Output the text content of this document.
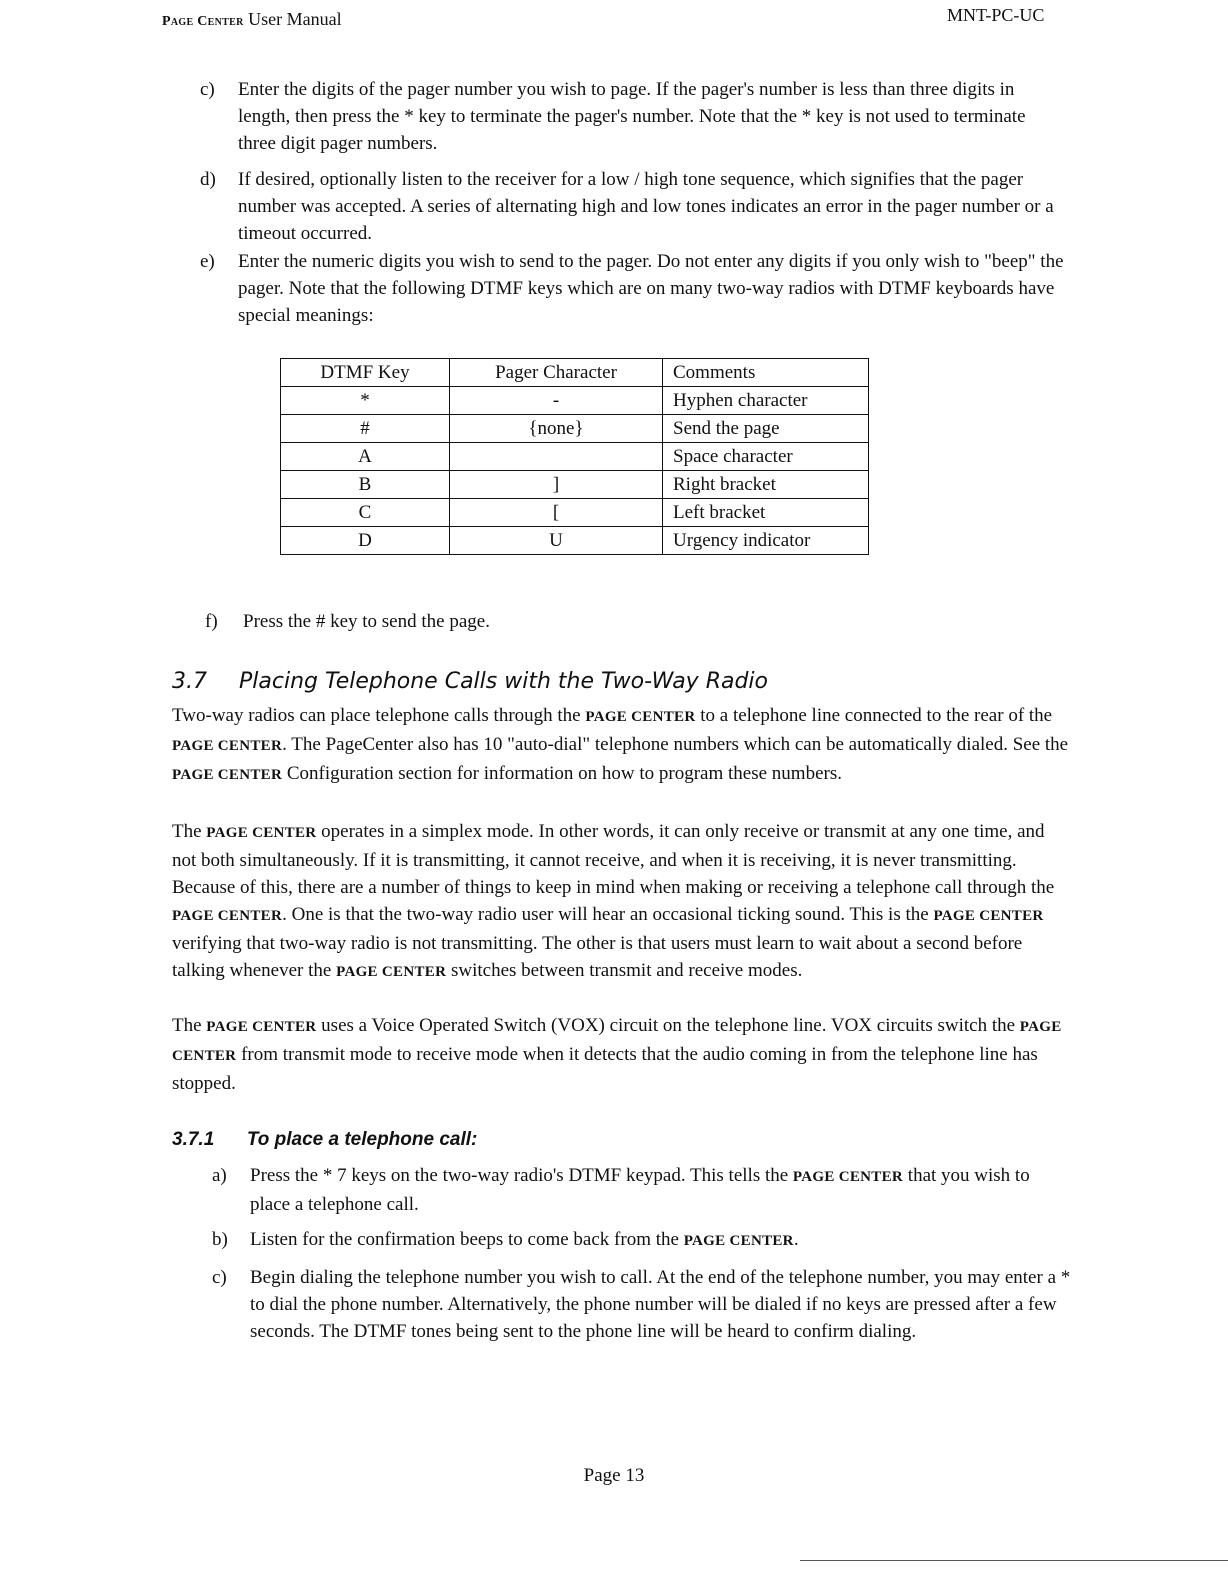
Page Center User Manual	MNT-PC-UC
c) Enter the digits of the pager number you wish to page. If the pager's number is less than three digits in length, then press the * key to terminate the pager's number. Note that the * key is not used to terminate three digit pager numbers.
d) If desired, optionally listen to the receiver for a low / high tone sequence, which signifies that the pager number was accepted. A series of alternating high and low tones indicates an error in the pager number or a timeout occurred.
e) Enter the numeric digits you wish to send to the pager. Do not enter any digits if you only wish to "beep" the pager. Note that the following DTMF keys which are on many two-way radios with DTMF keyboards have special meanings:
DTMF Key	Pager Character	Comments
*	-	Hyphen character
#	{none}	Send the page
A		Space character
B	]	Right bracket
C	[	Left bracket
D	U	Urgency indicator
f) Press the # key to send the page.
3.7 Placing Telephone Calls with the Two-Way Radio
Two-way radios can place telephone calls through the PAGE CENTER to a telephone line connected to the rear of the PAGE CENTER. The PageCenter also has 10 "auto-dial" telephone numbers which can be automatically dialed. See the PAGE CENTER Configuration section for information on how to program these numbers.
The PAGE CENTER operates in a simplex mode. In other words, it can only receive or transmit at any one time, and not both simultaneously. If it is transmitting, it cannot receive, and when it is receiving, it is never transmitting. Because of this, there are a number of things to keep in mind when making or receiving a telephone call through the PAGE CENTER. One is that the two-way radio user will hear an occasional ticking sound. This is the PAGE CENTER verifying that two-way radio is not transmitting. The other is that users must learn to wait about a second before talking whenever the PAGE CENTER switches between transmit and receive modes.
The PAGE CENTER uses a Voice Operated Switch (VOX) circuit on the telephone line. VOX circuits switch the PAGE CENTER from transmit mode to receive mode when it detects that the audio coming in from the telephone line has stopped.
3.7.1 To place a telephone call:
a) Press the * 7 keys on the two-way radio's DTMF keypad. This tells the PAGE CENTER that you wish to place a telephone call.
b) Listen for the confirmation beeps to come back from the PAGE CENTER.
c) Begin dialing the telephone number you wish to call. At the end of the telephone number, you may enter a * to dial the phone number. Alternatively, the phone number will be dialed if no keys are pressed after a few seconds. The DTMF tones being sent to the phone line will be heard to confirm dialing.
Page 13
